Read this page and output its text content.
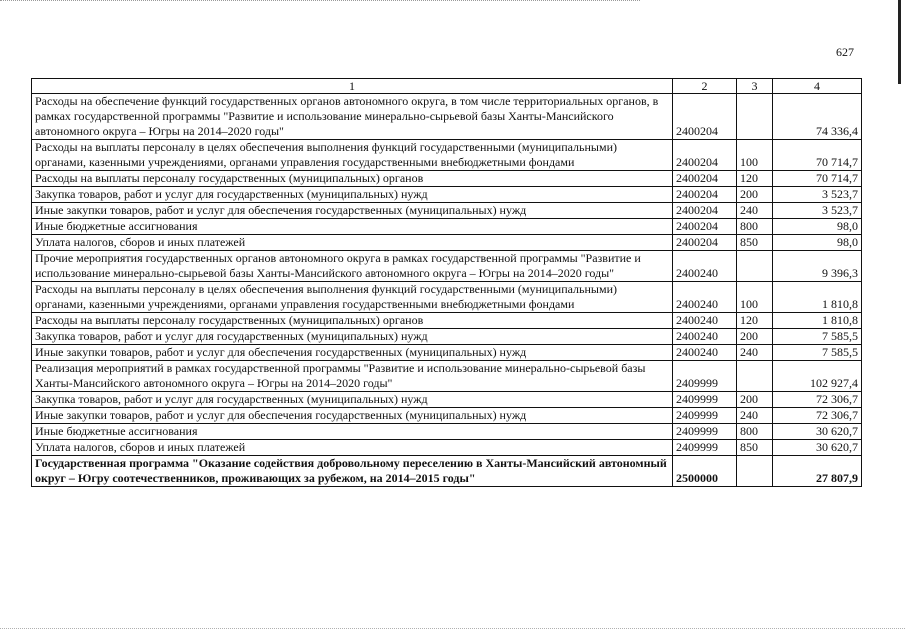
627
1	2	3	4
Расходы на обеспечение функций государственных органов автономного округа, в том числе территориальных органов, в рамках государственной программы "Развитие и использование минерально-сырьевой базы Ханты-Мансийского автономного округа – Югры на 2014–2020 годы"	2400204		74 336,4
Расходы на выплаты персоналу в целях обеспечения выполнения функций государственными (муниципальными) органами, казенными учреждениями, органами управления государственными внебюджетными фондами	2400204	100	70 714,7
Расходы на выплаты персоналу государственных (муниципальных) органов	2400204	120	70 714,7
Закупка товаров, работ и услуг для государственных (муниципальных) нужд	2400204	200	3 523,7
Иные закупки товаров, работ и услуг для обеспечения государственных (муниципальных) нужд	2400204	240	3 523,7
Иные бюджетные ассигнования	2400204	800	98,0
Уплата налогов, сборов и иных платежей	2400204	850	98,0
Прочие мероприятия государственных органов автономного округа в рамках государственной программы "Развитие и использование минерально-сырьевой базы Ханты-Мансийского автономного округа – Югры на 2014–2020 годы"	2400240		9 396,3
Расходы на выплаты персоналу в целях обеспечения выполнения функций государственными (муниципальными) органами, казенными учреждениями, органами управления государственными внебюджетными фондами	2400240	100	1 810,8
Расходы на выплаты персоналу государственных (муниципальных) органов	2400240	120	1 810,8
Закупка товаров, работ и услуг для государственных (муниципальных) нужд	2400240	200	7 585,5
Иные закупки товаров, работ и услуг для обеспечения государственных (муниципальных) нужд	2400240	240	7 585,5
Реализация мероприятий в рамках государственной программы "Развитие и использование минерально-сырьевой базы Ханты-Мансийского автономного округа – Югры на 2014–2020 годы"	2409999		102 927,4
Закупка товаров, работ и услуг для государственных (муниципальных) нужд	2409999	200	72 306,7
Иные закупки товаров, работ и услуг для обеспечения государственных (муниципальных) нужд	2409999	240	72 306,7
Иные бюджетные ассигнования	2409999	800	30 620,7
Уплата налогов, сборов и иных платежей	2409999	850	30 620,7
Государственная программа "Оказание содействия добровольному переселению в Ханты-Мансийский автономный округ – Югру соотечественников, проживающих за рубежом, на 2014–2015 годы"	2500000		27 807,9
